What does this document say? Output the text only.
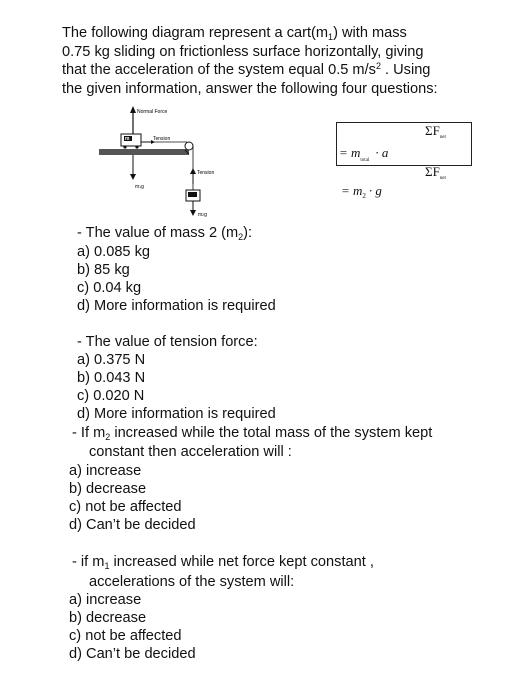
The following diagram represent a $cart(m_1)$ with mass
0.75 kg sliding on frictionless surface horizontally, giving
that the acceleration of the system equal 0.5 $m/s^2$ . Using
the given information, answer the following four questions:
Normal Force
m	Tension
m1g
Tension
m2g
$\Sigma F_{net}$
= $m_{total}\cdot a$
$\Sigma F_{net}$
= $m_2 \cdot g$
- The value of mass 2 $(m_2)$:
a) 0.085 kg
b) 85 kg
c) 0.04 kg
d) More information is required
- The value of tension force:
a) 0.375 N
b) 0.043 N
c) 0.020 N
d) More information is required
- If $m_2$ increased while the total mass of the system kept
constant then acceleration will :
a) increase
b) decrease
c) not be affected
d) Can’t be decided
- if $m_1$ increased while net force kept constant ,
accelerations of the system will:
a) increase
b) decrease
c) not be affected
d) Can’t be decided
